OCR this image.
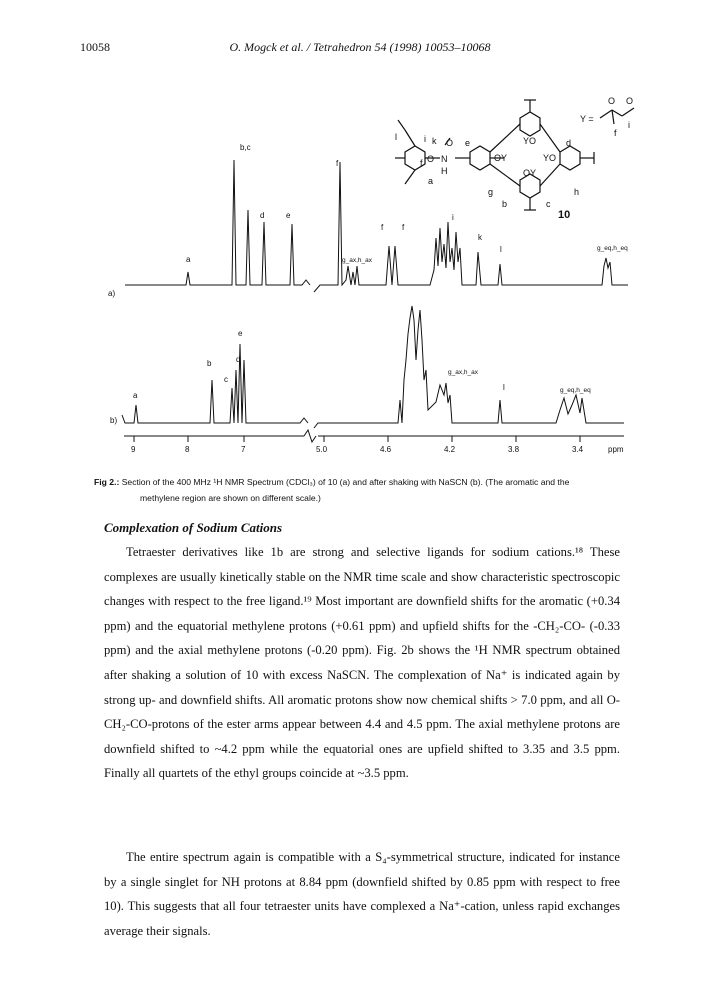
10058	O. Mogck et al. / Tetrahedron 54 (1998) 10053–10068
YO
OY	YO
OY
O
N
H
O
a
b	c
d
e
f
g	h
i k
l
O O
i
f
Y =
10
a)
a
b,c
d	e
f
g_ax,h_ax
f f
i
k
l	g_eq,h_eq
b)
a
b
c
d
e
g_ax,h_ax
l	g_eq,h_eq
9	8	7	5.0	4.6	4.2	3.8	3.4	ppm
Fig 2.: Section of the 400 MHz ¹H NMR Spectrum (CDCl₃) of 10 (a) and after shaking with NaSCN (b). (The aromatic and the
methylene region are shown on different scale.)
Complexation of Sodium Cations
Tetraester derivatives like 1b are strong and selective ligands for sodium cations.¹⁸ These complexes are usually kinetically stable on the NMR time scale and show characteristic spectroscopic changes with respect to the free ligand.¹⁹ Most important are downfield shifts for the aromatic (+0.34 ppm) and the equatorial methylene protons (+0.61 ppm) and upfield shifts for the -CH₂-CO- (-0.33 ppm) and the axial methylene protons (-0.20 ppm). Fig. 2b shows the ¹H NMR spectrum obtained after shaking a solution of 10 with excess NaSCN. The complexation of Na⁺ is indicated again by strong up- and downfield shifts. All aromatic protons show now chemical shifts > 7.0 ppm, and all O-CH₂-CO-protons of the ester arms appear between 4.4 and 4.5 ppm. The axial methylene protons are downfield shifted to ~4.2 ppm while the equatorial ones are upfield shifted to 3.35 and 3.5 ppm. Finally all quartets of the ethyl groups coincide at ~3.5 ppm.
The entire spectrum again is compatible with a S₄-symmetrical structure, indicated for instance by a single singlet for NH protons at 8.84 ppm (downfield shifted by 0.85 ppm with respect to free 10). This suggests that all four tetraester units have complexed a Na⁺-cation, unless rapid exchanges average their signals.
